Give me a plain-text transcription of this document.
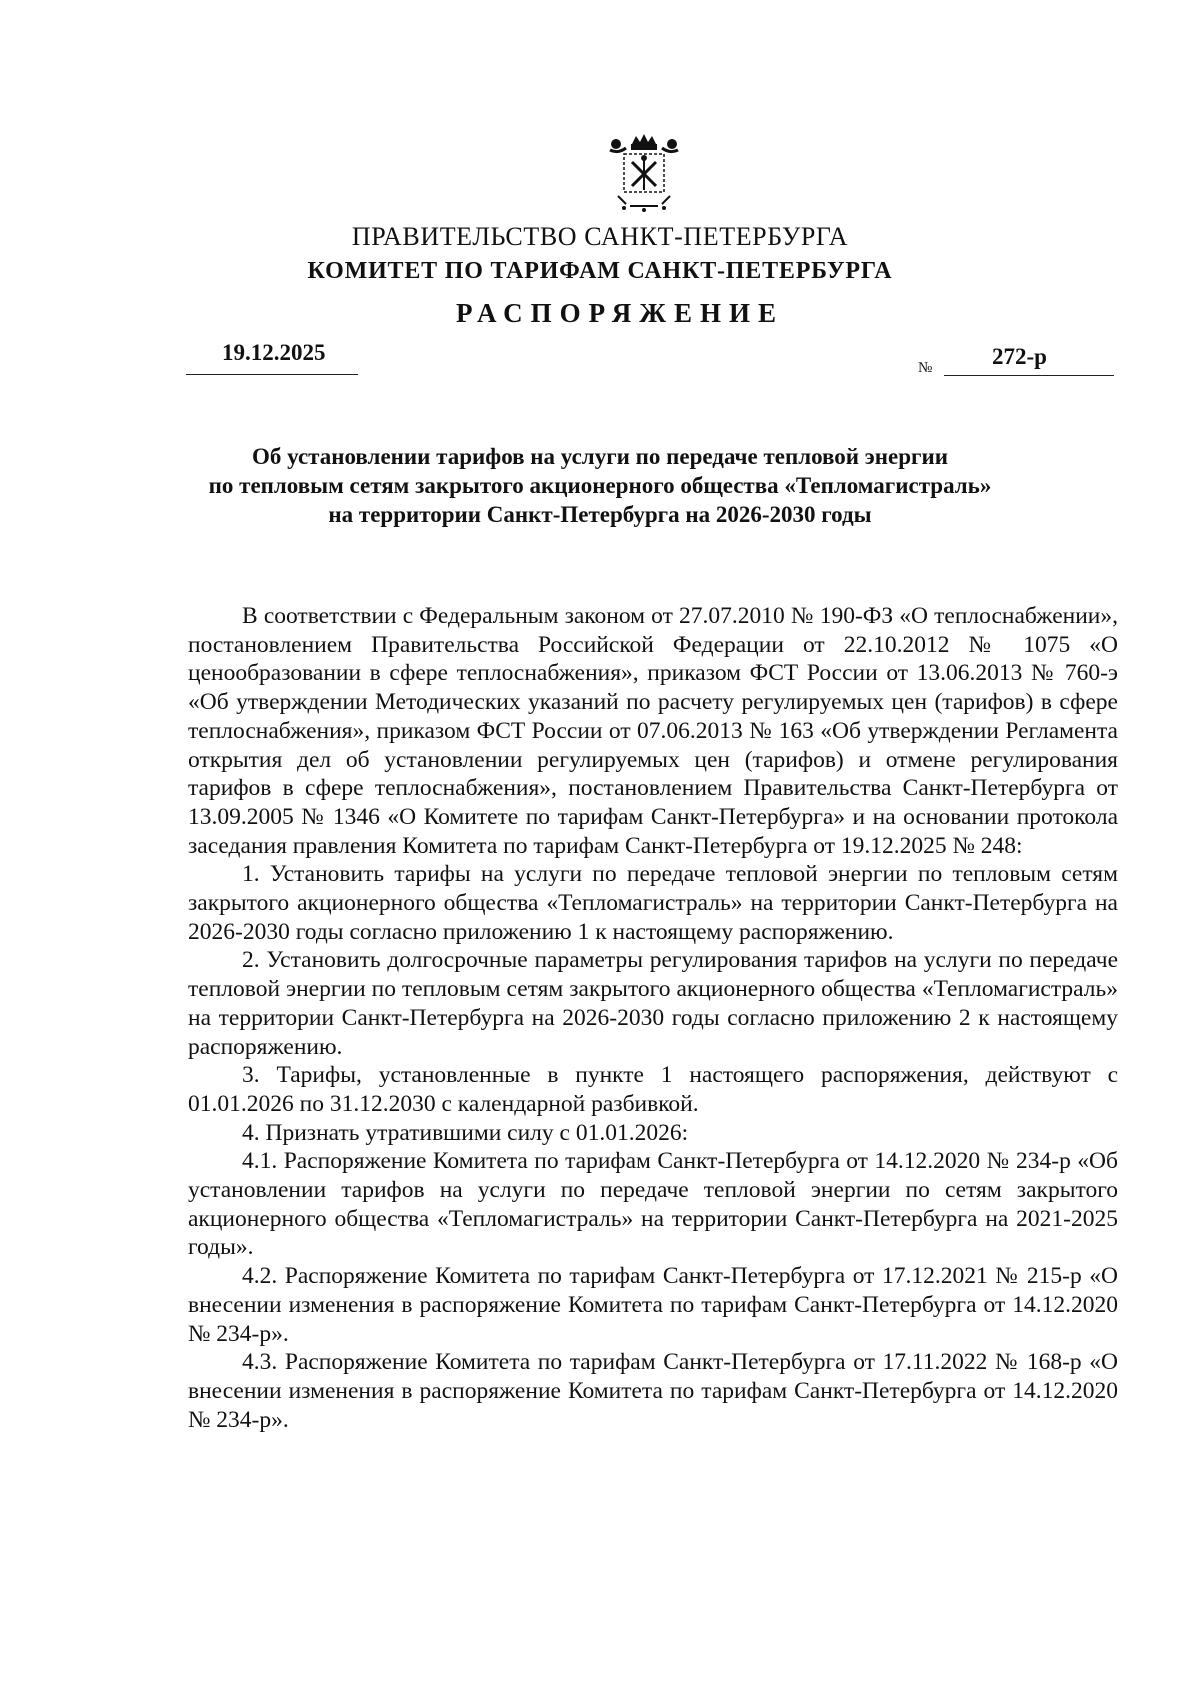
ПРАВИТЕЛЬСТВО САНКТ-ПЕТЕРБУРГА
КОМИТЕТ ПО ТАРИФАМ САНКТ-ПЕТЕРБУРГА
РАСПОРЯЖЕНИЕ
19.12.2025
№	272-р
Об установлении тарифов на услуги по передаче тепловой энергии
по тепловым сетям закрытого акционерного общества «Тепломагистраль»
на территории Санкт-Петербурга на 2026-2030 годы

В соответствии с Федеральным законом от 27.07.2010 № 190-ФЗ «О теплоснабжении», постановлением Правительства Российской Федерации от 22.10.2012 № 1075 «О ценообразовании в сфере теплоснабжения», приказом ФСТ России от 13.06.2013 № 760-э «Об утверждении Методических указаний по расчету регулируемых цен (тарифов) в сфере теплоснабжения», приказом ФСТ России от 07.06.2013 № 163 «Об утверждении Регламента открытия дел об установлении регулируемых цен (тарифов) и отмене регулирования тарифов в сфере теплоснабжения», постановлением Правительства Санкт-Петербурга от 13.09.2005 № 1346 «О Комитете по тарифам Санкт-Петербурга» и на основании протокола заседания правления Комитета по тарифам Санкт-Петербурга от 19.12.2025 № 248:

1. Установить тарифы на услуги по передаче тепловой энергии по тепловым сетям закрытого акционерного общества «Тепломагистраль» на территории Санкт-Петербурга на 2026-2030 годы согласно приложению 1 к настоящему распоряжению.

2. Установить долгосрочные параметры регулирования тарифов на услуги по передаче тепловой энергии по тепловым сетям закрытого акционерного общества «Тепломагистраль» на территории Санкт-Петербурга на 2026-2030 годы согласно приложению 2 к настоящему распоряжению.

3. Тарифы, установленные в пункте 1 настоящего распоряжения, действуют с 01.01.2026 по 31.12.2030 с календарной разбивкой.

4. Признать утратившими силу с 01.01.2026:

4.1. Распоряжение Комитета по тарифам Санкт-Петербурга от 14.12.2020 № 234-р «Об установлении тарифов на услуги по передаче тепловой энергии по сетям закрытого акционерного общества «Тепломагистраль» на территории Санкт-Петербурга на 2021-2025 годы».

4.2. Распоряжение Комитета по тарифам Санкт-Петербурга от 17.12.2021 № 215-р «О внесении изменения в распоряжение Комитета по тарифам Санкт-Петербурга от 14.12.2020 № 234-р».

4.3. Распоряжение Комитета по тарифам Санкт-Петербурга от 17.11.2022 № 168-р «О внесении изменения в распоряжение Комитета по тарифам Санкт-Петербурга от 14.12.2020 № 234-р».
